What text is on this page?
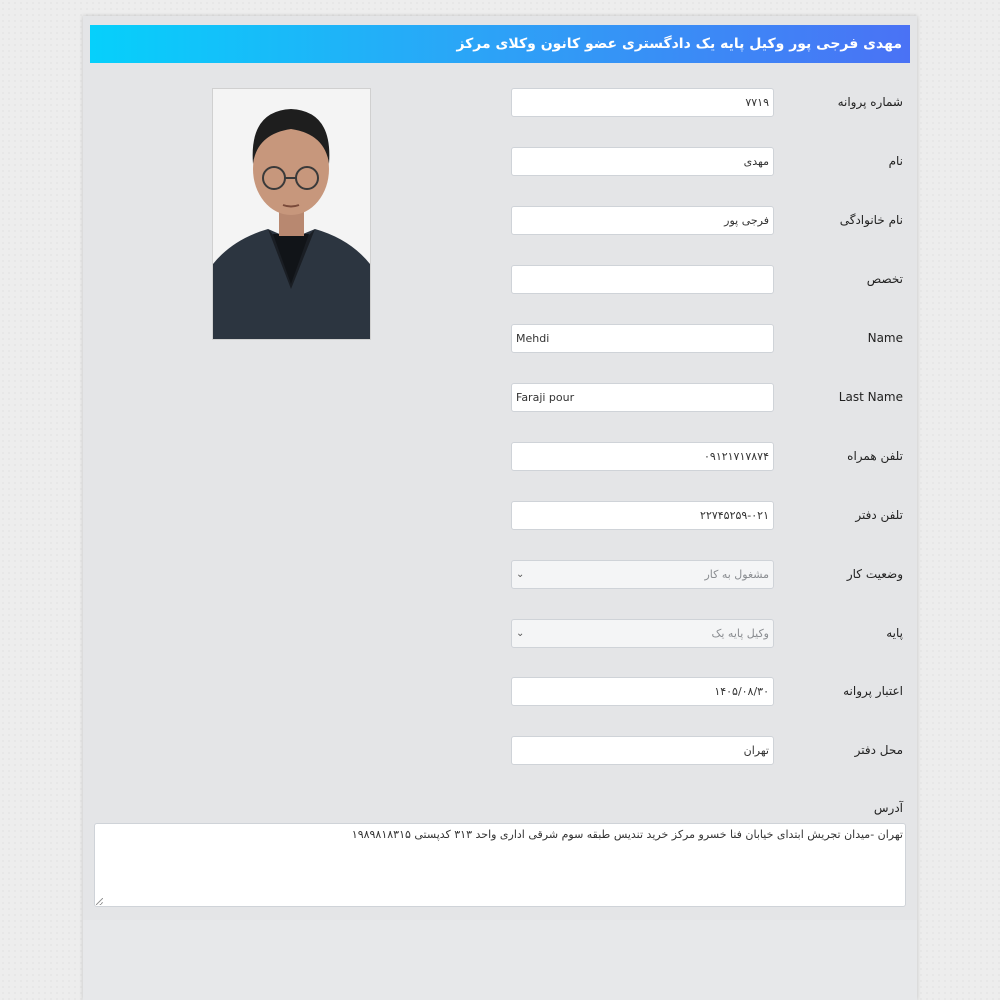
مهدی فرجی پور وکیل پایه یک دادگستری عضو کانون وکلای مرکز
شماره پروانه
۷۷۱۹
نام
مهدی
نام خانوادگی
فرجی پور
تخصص
Name
Mehdi
Last Name
Faraji pour
تلفن همراه
۰۹۱۲۱۷۱۷۸۷۴
تلفن دفتر
۲۲۷۴۵۲۵۹-۰۲۱
وضعیت کار
مشغول به کار
⌄
پایه
وکیل پایه یک
⌄
اعتبار پروانه
۱۴۰۵/۰۸/۳۰
محل دفتر
تهران
آدرس
تهران -میدان تجریش ابتدای خیابان فنا خسرو مرکز خرید تندیس طبقه سوم شرقی اداری واحد ۳۱۳ کدپستی ۱۹۸۹۸۱۸۳۱۵
